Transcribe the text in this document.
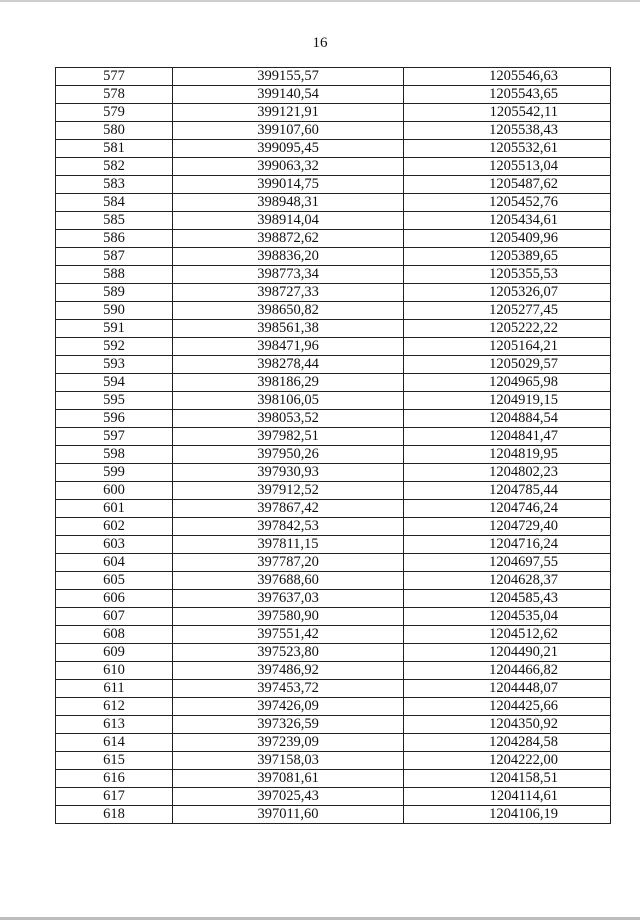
16
577	399155,57	1205546,63
578	399140,54	1205543,65
579	399121,91	1205542,11
580	399107,60	1205538,43
581	399095,45	1205532,61
582	399063,32	1205513,04
583	399014,75	1205487,62
584	398948,31	1205452,76
585	398914,04	1205434,61
586	398872,62	1205409,96
587	398836,20	1205389,65
588	398773,34	1205355,53
589	398727,33	1205326,07
590	398650,82	1205277,45
591	398561,38	1205222,22
592	398471,96	1205164,21
593	398278,44	1205029,57
594	398186,29	1204965,98
595	398106,05	1204919,15
596	398053,52	1204884,54
597	397982,51	1204841,47
598	397950,26	1204819,95
599	397930,93	1204802,23
600	397912,52	1204785,44
601	397867,42	1204746,24
602	397842,53	1204729,40
603	397811,15	1204716,24
604	397787,20	1204697,55
605	397688,60	1204628,37
606	397637,03	1204585,43
607	397580,90	1204535,04
608	397551,42	1204512,62
609	397523,80	1204490,21
610	397486,92	1204466,82
611	397453,72	1204448,07
612	397426,09	1204425,66
613	397326,59	1204350,92
614	397239,09	1204284,58
615	397158,03	1204222,00
616	397081,61	1204158,51
617	397025,43	1204114,61
618	397011,60	1204106,19
